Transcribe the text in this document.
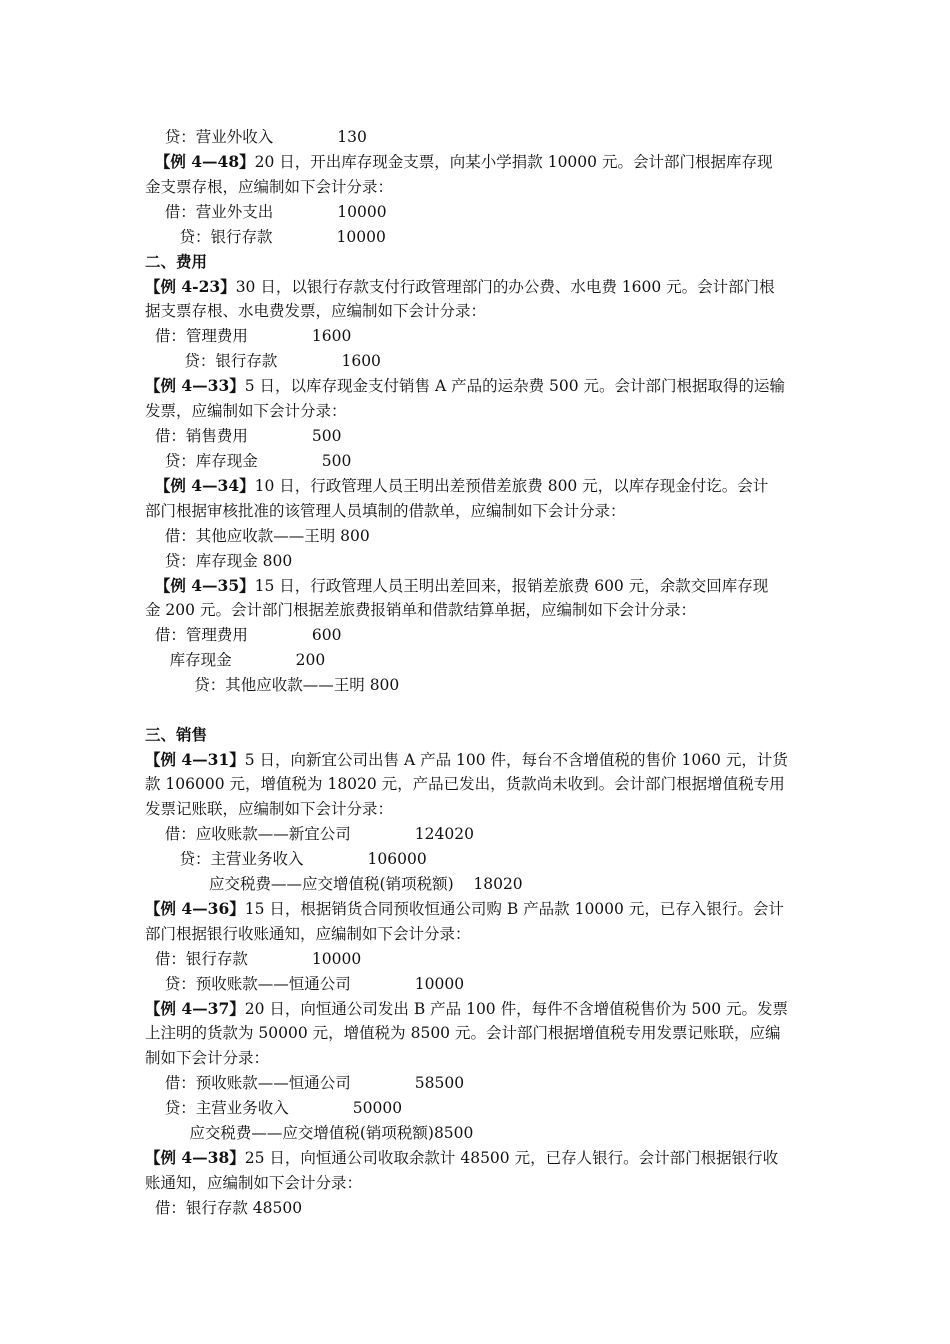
贷：营业外收入             130
【例 4—48】20 日，开出库存现金支票，向某小学捐款 10000 元。会计部门根据库存现
金支票存根，应编制如下会计分录：
借：营业外支出             10000
贷：银行存款             10000
二、费用
【例 4-23】30 日，以银行存款支付行政管理部门的办公费、水电费 1600 元。会计部门根
据支票存根、水电费发票，应编制如下会计分录：
借：管理费用             1600
贷：银行存款             1600
【例 4—33】5 日，以库存现金支付销售 A 产品的运杂费 500 元。会计部门根据取得的运输
发票，应编制如下会计分录：
借：销售费用             500
贷：库存现金             500
【例 4—34】10 日，行政管理人员王明出差预借差旅费 800 元，以库存现金付讫。会计
部门根据审核批准的该管理人员填制的借款单，应编制如下会计分录：
借：其他应收款——王明 800
贷：库存现金 800
【例 4—35】15 日，行政管理人员王明出差回来，报销差旅费 600 元，余款交回库存现
金 200 元。会计部门根据差旅费报销单和借款结算单据，应编制如下会计分录：
借：管理费用             600
库存现金             200
贷：其他应收款——王明 800
三、销售
【例 4—31】5 日，向新宜公司出售 A 产品 100 件，每台不含增值税的售价 1060 元，计货
款 106000 元，增值税为 18020 元，产品已发出，货款尚未收到。会计部门根据增值税专用
发票记账联，应编制如下会计分录：
借：应收账款——新宜公司             124020
贷：主营业务收入             106000
应交税费——应交增值税(销项税额)    18020
【例 4—36】15 日，根据销货合同预收恒通公司购 B 产品款 10000 元，已存入银行。会计
部门根据银行收账通知，应编制如下会计分录：
借：银行存款             10000
贷：预收账款——恒通公司             10000
【例 4—37】20 日，向恒通公司发出 B 产品 100 件，每件不含增值税售价为 500 元。发票
上注明的货款为 50000 元，增值税为 8500 元。会计部门根据增值税专用发票记账联，应编
制如下会计分录：
借：预收账款——恒通公司             58500
贷：主营业务收入             50000
应交税费——应交增值税(销项税额)8500
【例 4—38】25 日，向恒通公司收取余款计 48500 元，已存人银行。会计部门根据银行收
账通知，应编制如下会计分录：
借：银行存款 48500
